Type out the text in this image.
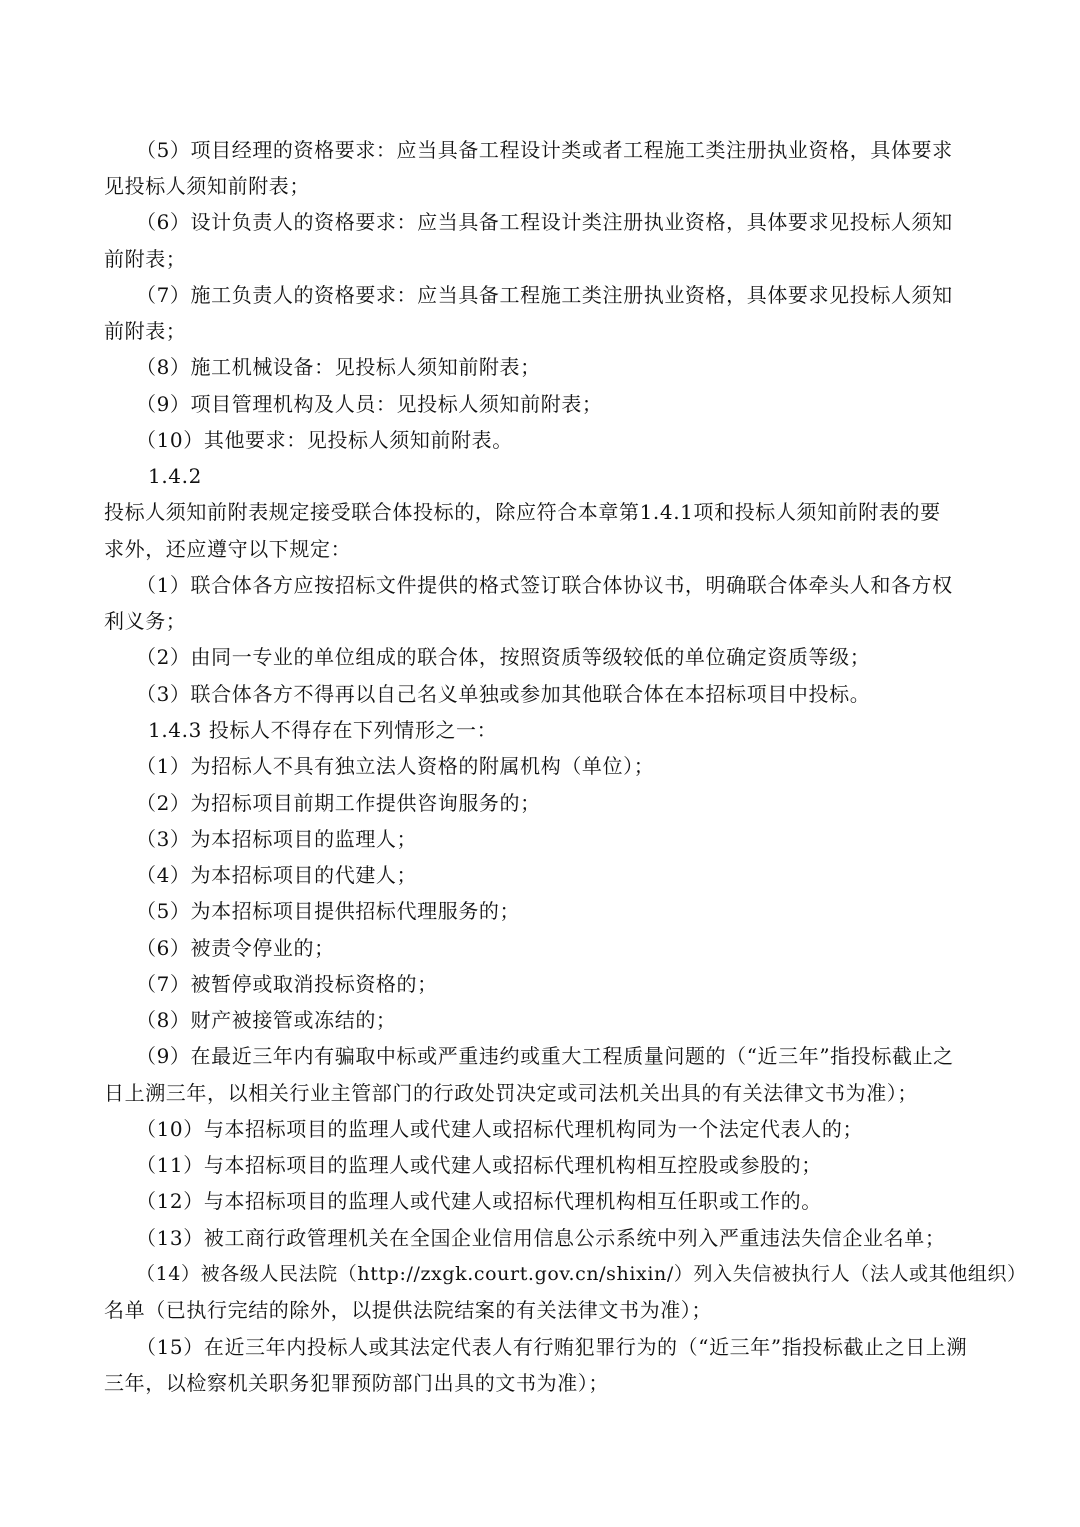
（5）项目经理的资格要求：应当具备工程设计类或者工程施工类注册执业资格，具体要求
见投标人须知前附表；
（6）设计负责人的资格要求：应当具备工程设计类注册执业资格，具体要求见投标人须知
前附表；
（7）施工负责人的资格要求：应当具备工程施工类注册执业资格，具体要求见投标人须知
前附表；
（8）施工机械设备：见投标人须知前附表；
（9）项目管理机构及人员：见投标人须知前附表；
（10）其他要求：见投标人须知前附表。
1.4.2
投标人须知前附表规定接受联合体投标的，除应符合本章第1.4.1项和投标人须知前附表的要
求外，还应遵守以下规定：
（1）联合体各方应按招标文件提供的格式签订联合体协议书，明确联合体牵头人和各方权
利义务；
（2）由同一专业的单位组成的联合体，按照资质等级较低的单位确定资质等级；
（3）联合体各方不得再以自己名义单独或参加其他联合体在本招标项目中投标。
1.4.3 投标人不得存在下列情形之一：
（1）为招标人不具有独立法人资格的附属机构（单位）；
（2）为招标项目前期工作提供咨询服务的；
（3）为本招标项目的监理人；
（4）为本招标项目的代建人；
（5）为本招标项目提供招标代理服务的；
（6）被责令停业的；
（7）被暂停或取消投标资格的；
（8）财产被接管或冻结的；
（9）在最近三年内有骗取中标或严重违约或重大工程质量问题的（“近三年”指投标截止之
日上溯三年，以相关行业主管部门的行政处罚决定或司法机关出具的有关法律文书为准）；
（10）与本招标项目的监理人或代建人或招标代理机构同为一个法定代表人的；
（11）与本招标项目的监理人或代建人或招标代理机构相互控股或参股的；
（12）与本招标项目的监理人或代建人或招标代理机构相互任职或工作的。
（13）被工商行政管理机关在全国企业信用信息公示系统中列入严重违法失信企业名单；
（14）被各级人民法院（http://zxgk.court.gov.cn/shixin/）列入失信被执行人（法人或其他组织）
名单（已执行完结的除外，以提供法院结案的有关法律文书为准）；
（15）在近三年内投标人或其法定代表人有行贿犯罪行为的（“近三年”指投标截止之日上溯
三年，以检察机关职务犯罪预防部门出具的文书为准）；
